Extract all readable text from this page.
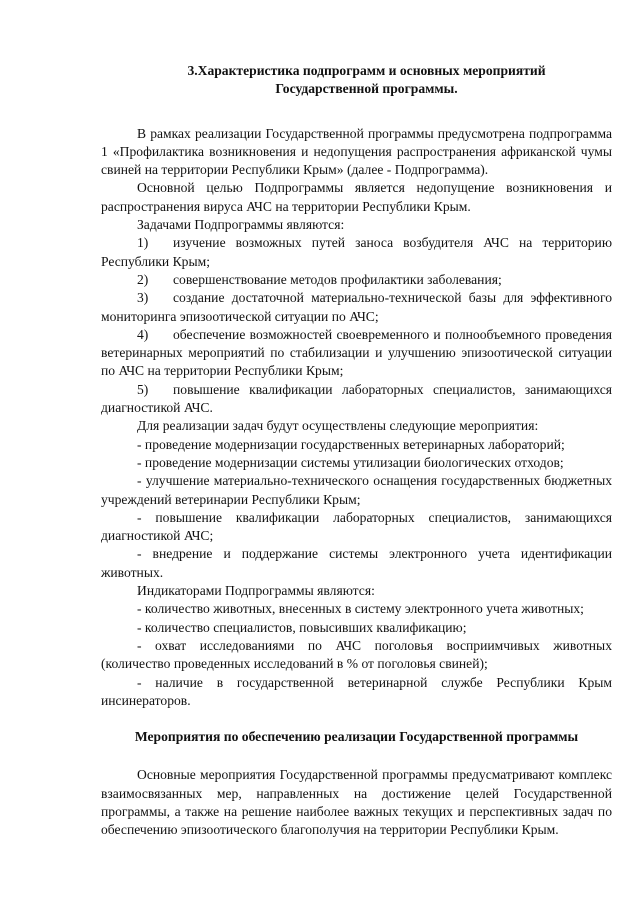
3.Характеристика подпрограмм и основных мероприятий
Государственной программы.

В рамках реализации Государственной программы предусмотрена подпрограмма 1 «Профилактика возникновения и недопущения распространения африканской чумы свиней на территории Республики Крым» (далее - Подпрограмма).

Основной целью Подпрограммы является недопущение возникновения и распространения вируса АЧС на территории Республики Крым.

Задачами Подпрограммы являются:

1) изучение возможных путей заноса возбудителя АЧС на территорию Республики Крым;

2) совершенствование методов профилактики заболевания;

3) создание достаточной материально-технической базы для эффективного мониторинга эпизоотической ситуации по АЧС;

4) обеспечение возможностей своевременного и полнообъемного проведения ветеринарных мероприятий по стабилизации и улучшению эпизоотической ситуации по АЧС на территории Республики Крым;

5) повышение квалификации лабораторных специалистов, занимающихся диагностикой АЧС.

Для реализации задач будут осуществлены следующие мероприятия:

- проведение модернизации государственных ветеринарных лабораторий;

- проведение модернизации системы утилизации биологических отходов;

- улучшение материально-технического оснащения государственных бюджетных учреждений ветеринарии Республики Крым;

- повышение квалификации лабораторных специалистов, занимающихся диагностикой АЧС;

- внедрение и поддержание системы электронного учета идентификации животных.

Индикаторами Подпрограммы являются:

- количество животных, внесенных в систему электронного учета животных;

- количество специалистов, повысивших квалификацию;

- охват исследованиями по АЧС поголовья восприимчивых животных (количество проведенных исследований в % от поголовья свиней);

- наличие в государственной ветеринарной службе Республики Крым инсинераторов.

Мероприятия по обеспечению реализации Государственной программы

Основные мероприятия Государственной программы предусматривают комплекс взаимосвязанных мер, направленных на достижение целей Государственной программы, а также на решение наиболее важных текущих и перспективных задач по обеспечению эпизоотического благополучия на территории Республики Крым.
